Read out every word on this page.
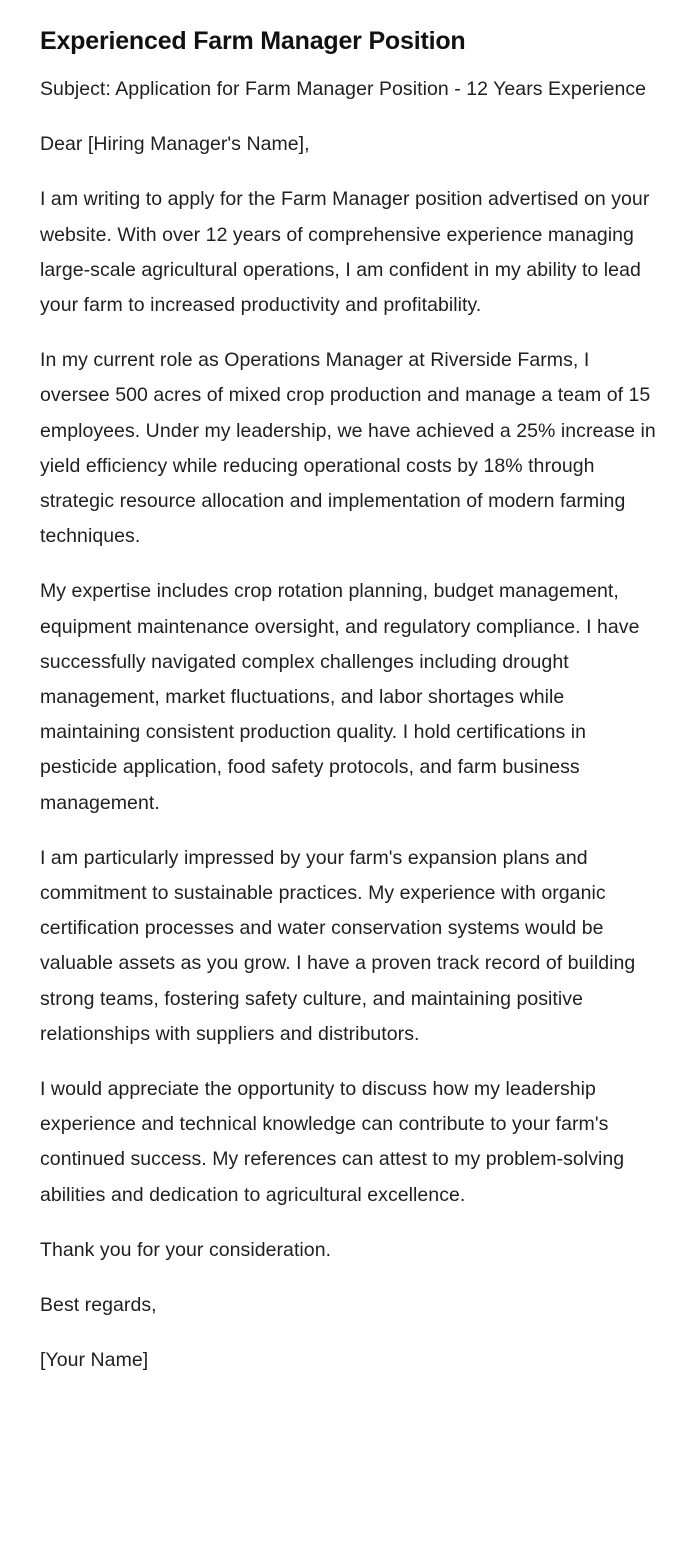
Experienced Farm Manager Position

Subject: Application for Farm Manager Position - 12 Years Experience

Dear [Hiring Manager's Name],

I am writing to apply for the Farm Manager position advertised on your website. With over 12 years of comprehensive experience managing large-scale agricultural operations, I am confident in my ability to lead your farm to increased productivity and profitability.

In my current role as Operations Manager at Riverside Farms, I oversee 500 acres of mixed crop production and manage a team of 15 employees. Under my leadership, we have achieved a 25% increase in yield efficiency while reducing operational costs by 18% through strategic resource allocation and implementation of modern farming techniques.

My expertise includes crop rotation planning, budget management, equipment maintenance oversight, and regulatory compliance. I have successfully navigated complex challenges including drought management, market fluctuations, and labor shortages while maintaining consistent production quality. I hold certifications in pesticide application, food safety protocols, and farm business management.

I am particularly impressed by your farm's expansion plans and commitment to sustainable practices. My experience with organic certification processes and water conservation systems would be valuable assets as you grow. I have a proven track record of building strong teams, fostering safety culture, and maintaining positive relationships with suppliers and distributors.

I would appreciate the opportunity to discuss how my leadership experience and technical knowledge can contribute to your farm's continued success. My references can attest to my problem-solving abilities and dedication to agricultural excellence.

Thank you for your consideration.

Best regards,

[Your Name]
